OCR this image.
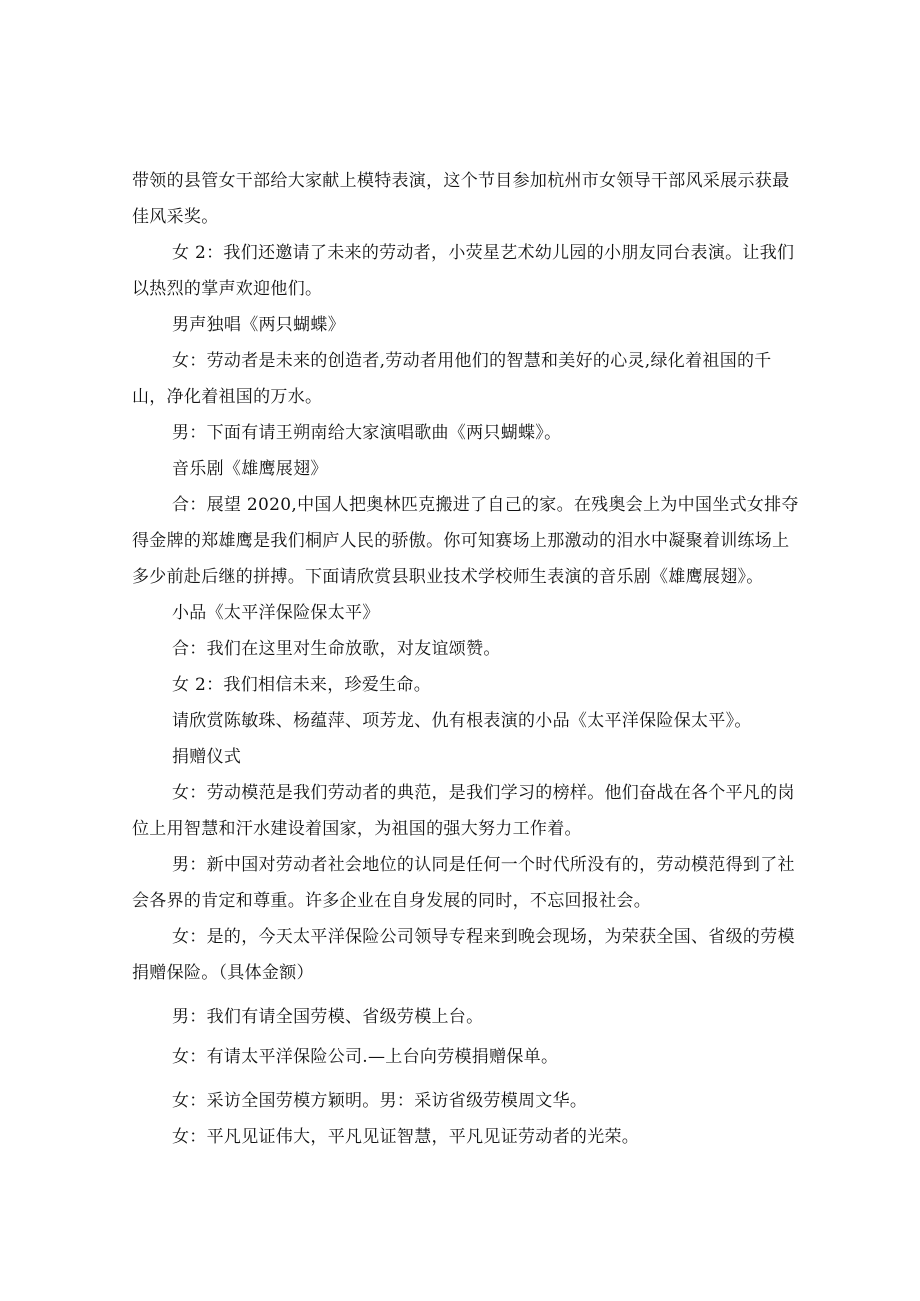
带领的县管女干部给大家献上模特表演，这个节目参加杭州市女领导干部风采展示获最佳风采奖。

女 2：我们还邀请了未来的劳动者，小荧星艺术幼儿园的小朋友同台表演。让我们以热烈的掌声欢迎他们。

男声独唱《两只蝴蝶》

女：劳动者是未来的创造者,劳动者用他们的智慧和美好的心灵,绿化着祖国的千山，净化着祖国的万水。

男：下面有请王朔南给大家演唱歌曲《两只蝴蝶》。

音乐剧《雄鹰展翅》

合：展望 2020,中国人把奥林匹克搬进了自己的家。在残奥会上为中国坐式女排夺得金牌的郑雄鹰是我们桐庐人民的骄傲。你可知赛场上那激动的泪水中凝聚着训练场上多少前赴后继的拼搏。下面请欣赏县职业技术学校师生表演的音乐剧《雄鹰展翅》。

小品《太平洋保险保太平》

合：我们在这里对生命放歌，对友谊颂赞。

女 2：我们相信未来，珍爱生命。

请欣赏陈敏珠、杨蕴萍、项芳龙、仇有根表演的小品《太平洋保险保太平》。

捐赠仪式

女：劳动模范是我们劳动者的典范，是我们学习的榜样。他们奋战在各个平凡的岗位上用智慧和汗水建设着国家，为祖国的强大努力工作着。

男：新中国对劳动者社会地位的认同是任何一个时代所没有的，劳动模范得到了社会各界的肯定和尊重。许多企业在自身发展的同时，不忘回报社会。

女：是的，今天太平洋保险公司领导专程来到晚会现场，为荣获全国、省级的劳模捐赠保险。（具体金额）

男：我们有请全国劳模、省级劳模上台。

女：有请太平洋保险公司.—上台向劳模捐赠保单。

女：采访全国劳模方颖明。男：采访省级劳模周文华。

女：平凡见证伟大，平凡见证智慧，平凡见证劳动者的光荣。
